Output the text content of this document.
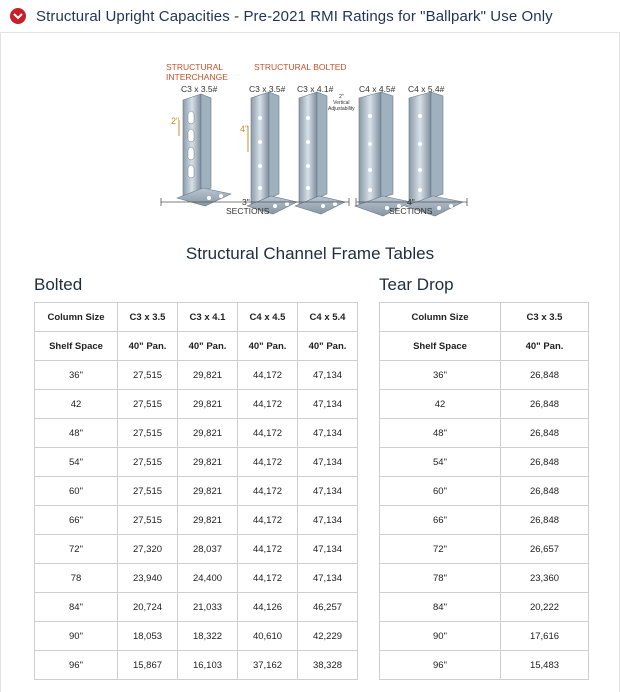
Structural Upright Capacities - Pre-2021 RMI Ratings for "Ballpark" Use Only
STRUCTURAL
INTERCHANGE
STRUCTURAL BOLTED
C3 x 3.5#	C3 x 3.5# C3 x 4.1#	C4 x 4.5# C4 x 5.4#
2"
Vertical
Adjustability
2"
4"
3"
SECTIONS
4"
SECTIONS
Structural Channel Frame Tables
Bolted	Tear Drop
Column Size	C3 x 3.5	C3 x 4.1	C4 x 4.5	C4 x 5.4
Shelf Space	40" Pan.	40" Pan.	40" Pan.	40" Pan.
36"	27,515	29,821	44,172	47,134
42	27,515	29,821	44,172	47,134
48"	27,515	29,821	44,172	47,134
54"	27,515	29,821	44,172	47,134
60"	27,515	29,821	44,172	47,134
66"	27,515	29,821	44,172	47,134
72"	27,320	28,037	44,172	47,134
78	23,940	24,400	44,172	47,134
84"	20,724	21,033	44,126	46,257
90"	18,053	18,322	40,610	42,229
96"	15,867	16,103	37,162	38,328
Column Size	C3 x 3.5
Shelf Space	40" Pan.
36"	26,848
42	26,848
48"	26,848
54"	26,848
60"	26,848
66"	26,848
72"	26,657
78"	23,360
84"	20,222
90"	17,616
96"	15,483
